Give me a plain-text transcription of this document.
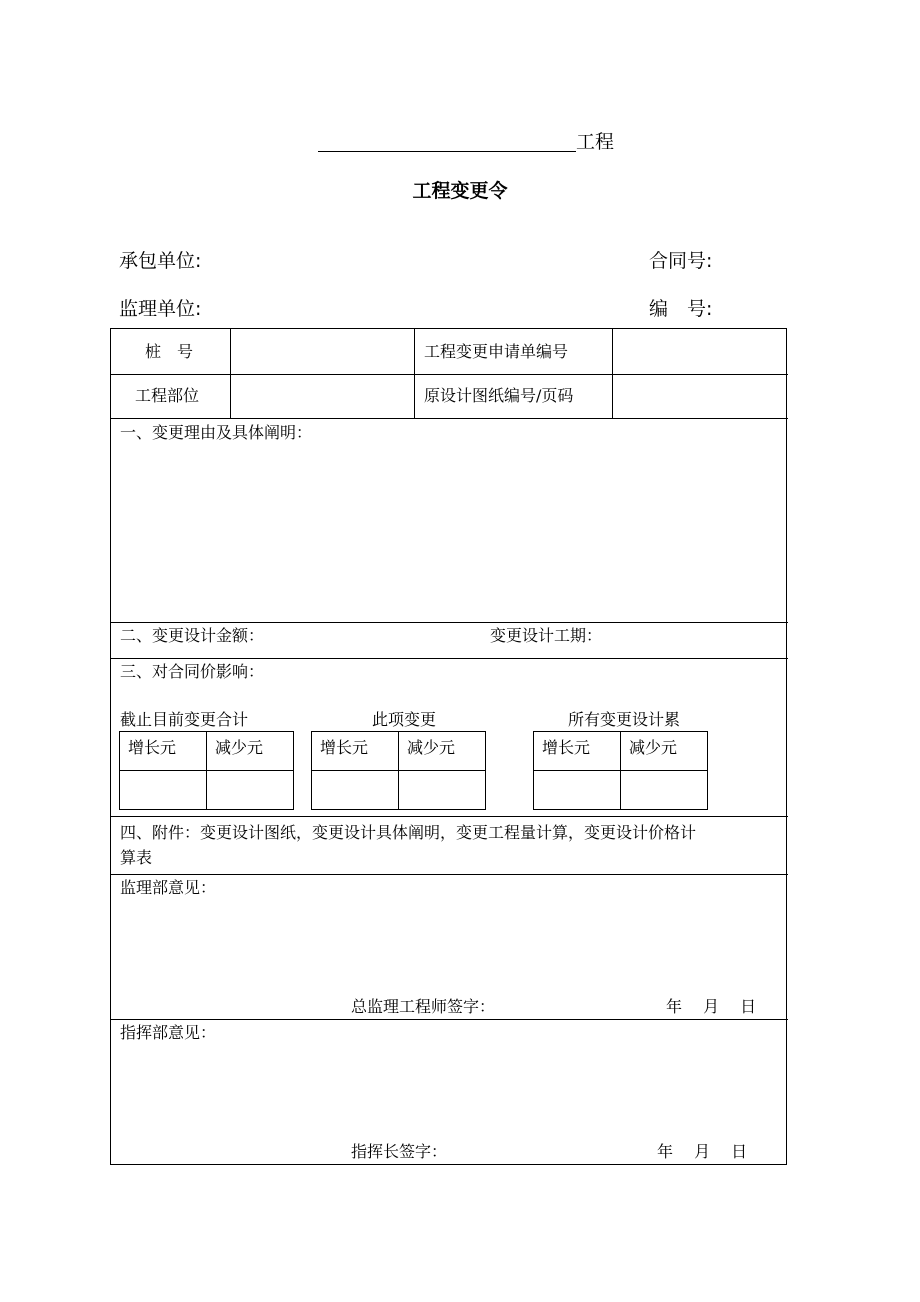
工程
工程变更令
承包单位:	合同号:
监理单位:	编　号:
桩　号	工程变更申请单编号
工程部位	原设计图纸编号/页码
一、变更理由及具体阐明：
二、变更设计金额：	变更设计工期：
三、对合同价影响：
截止目前变更合计	此项变更	所有变更设计累
增长元 减少元	增长元 减少元	增长元 减少元
四、附件：变更设计图纸，变更设计具体阐明，变更工程量计算，变更设计价格计
算表
监理部意见：
总监理工程师签字：	年　 月　 日
指挥部意见：
指挥长签字：	年　 月　 日
